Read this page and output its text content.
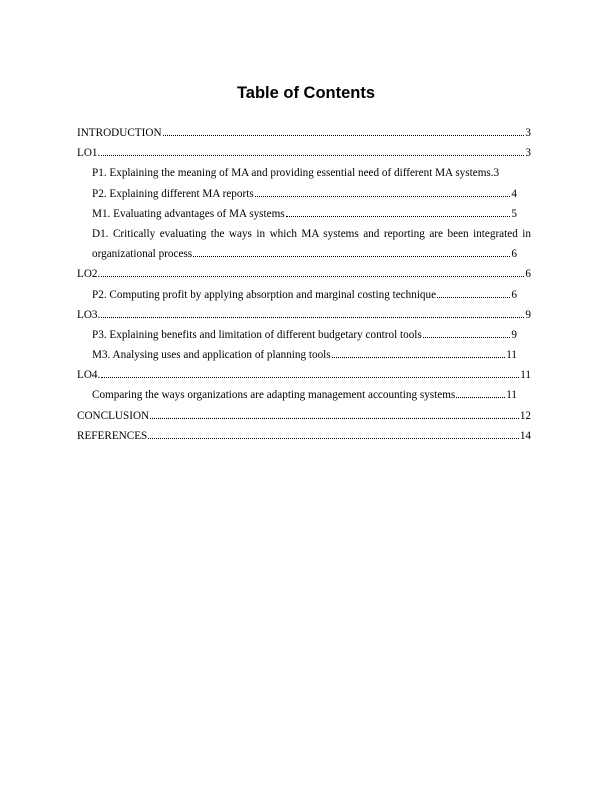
Table of Contents
INTRODUCTION	3
LO1.	3
P1. Explaining the meaning of MA and providing essential need of different MA systems. 3
P2. Explaining different MA reports	4
M1. Evaluating advantages of MA systems	5
D1. Critically evaluating the ways in which MA systems and reporting are been integrated in
organizational process	6
LO2.	6
P2. Computing profit by applying absorption and marginal costing technique	6
LO3.	9
P3. Explaining benefits and limitation of different budgetary control tools	9
M3. Analysing uses and application of planning tools	11
LO4.	11
Comparing the ways organizations are adapting management accounting systems	11
CONCLUSION	12
REFERENCES	14
